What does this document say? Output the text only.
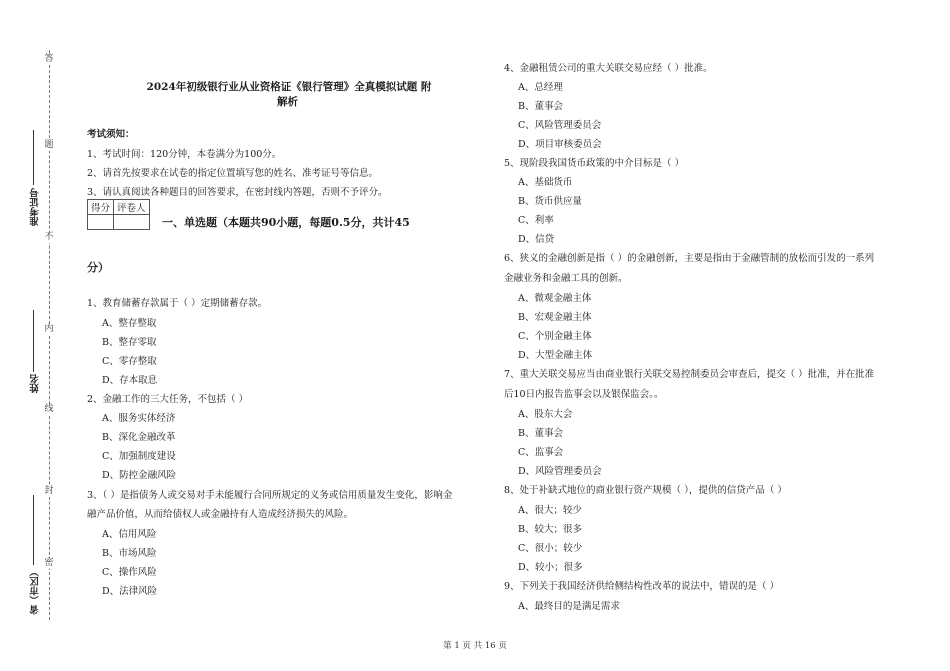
答
题
不
内
线
封
密
准考证号
姓名
省（市区）
2024年初级银行业从业资格证《银行管理》全真模拟试题 附
解析
考试须知：
1、考试时间：120分钟，本卷满分为100分。
2、请首先按要求在试卷的指定位置填写您的姓名、准考证号等信息。
3、请认真阅读各种题目的回答要求，在密封线内答题，否则不予评分。
得分	评卷人

一、单选题（本题共90小题，每题0.5分，共计45
分）
1、教育储蓄存款属于（ ）定期储蓄存款。
A、整存整取
B、整存零取
C、零存整取
D、存本取息
2、金融工作的三大任务，不包括（ ）
A、服务实体经济
B、深化金融改革
C、加强制度建设
D、防控金融风险
3、（ ）是指债务人或交易对手未能履行合同所规定的义务或信用质量发生变化，影响金
融产品价值，从而给债权人或金融持有人造成经济损失的风险。
A、信用风险
B、市场风险
C、操作风险
D、法律风险
4、金融租赁公司的重大关联交易应经（ ）批准。
A、总经理
B、董事会
C、风险管理委员会
D、项目审核委员会
5、现阶段我国货币政策的中介目标是（ ）
A、基础货币
B、货币供应量
C、利率
D、信贷
6、狭义的金融创新是指（ ）的金融创新，主要是指由于金融管制的放松而引发的一系列
金融业务和金融工具的创新。
A、微观金融主体
B、宏观金融主体
C、个别金融主体
D、大型金融主体
7、重大关联交易应当由商业银行关联交易控制委员会审查后，提交（ ）批准，并在批准
后10日内报告监事会以及银保监会。。
A、股东大会
B、董事会
C、监事会
D、风险管理委员会
8、处于补缺式地位的商业银行资产规模（ ），提供的信贷产品（ ）
A、很大；较少
B、较大；很多
C、很小；较少
D、较小；很多
9、下列关于我国经济供给侧结构性改革的说法中，错误的是（ ）
A、最终目的是满足需求
第 1 页 共 16 页
